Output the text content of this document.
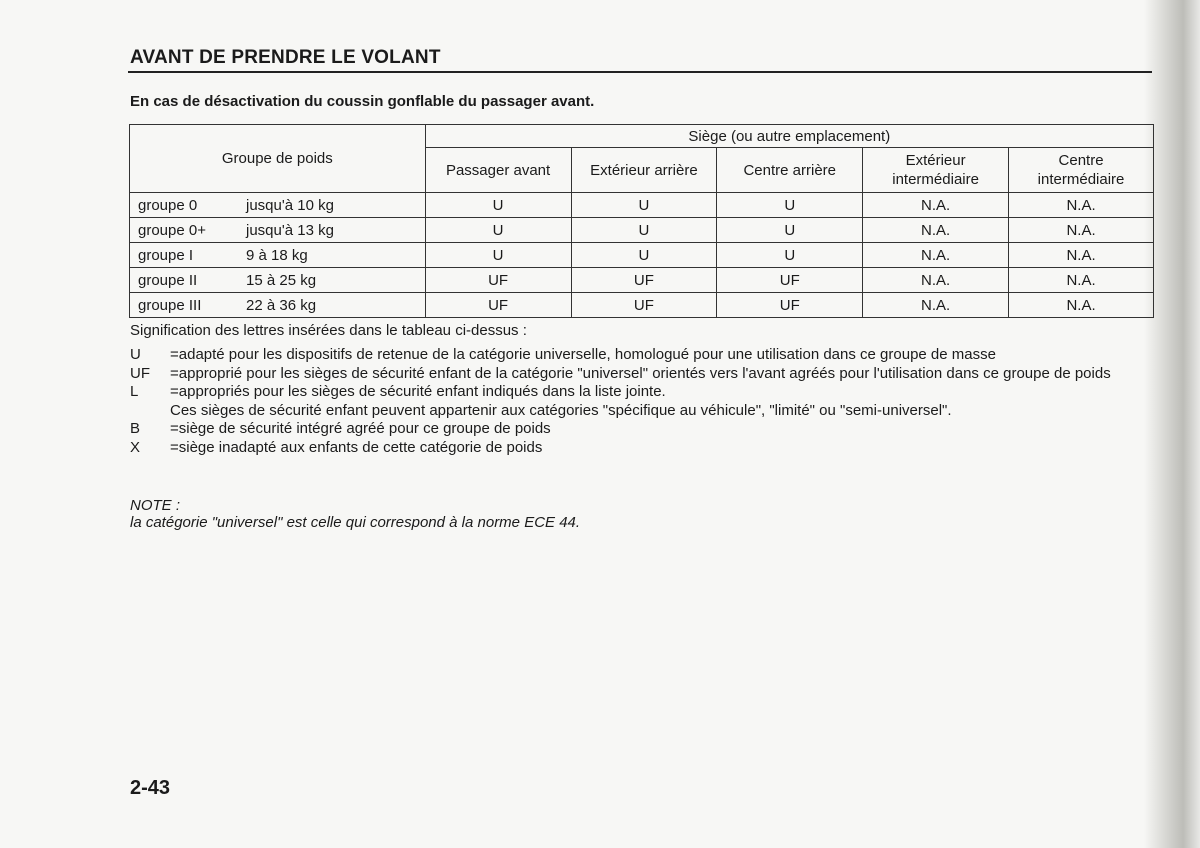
AVANT DE PRENDRE LE VOLANT
En cas de désactivation du coussin gonflable du passager avant.
Groupe de poids	Siège (ou autre emplacement)				
	Passager avant	Extérieur arrière	Centre arrière	Extérieur intermédiaire	Centre intermédiaire
groupe 0 jusqu'à 10 kg	U	U	U	N.A.	N.A.
groupe 0+ jusqu'à 13 kg	U	U	U	N.A.	N.A.
groupe I 9 à 18 kg	U	U	U	N.A.	N.A.
groupe II 15 à 25 kg	UF	UF	UF	N.A.	N.A.
groupe III 22 à 36 kg	UF	UF	UF	N.A.	N.A.
Signification des lettres insérées dans le tableau ci-dessus :
U	=adapté pour les dispositifs de retenue de la catégorie universelle, homologué pour une utilisation dans ce groupe de masse
UF	=approprié pour les sièges de sécurité enfant de la catégorie "universel" orientés vers l'avant agréés pour l'utilisation dans ce groupe de poids
L	=appropriés pour les sièges de sécurité enfant indiqués dans la liste jointe.
Ces sièges de sécurité enfant peuvent appartenir aux catégories "spécifique au véhicule", "limité" ou "semi-universel".
B	=siège de sécurité intégré agréé pour ce groupe de poids
X	=siège inadapté aux enfants de cette catégorie de poids
NOTE :
la catégorie "universel" est celle qui correspond à la norme ECE 44.
2-43
